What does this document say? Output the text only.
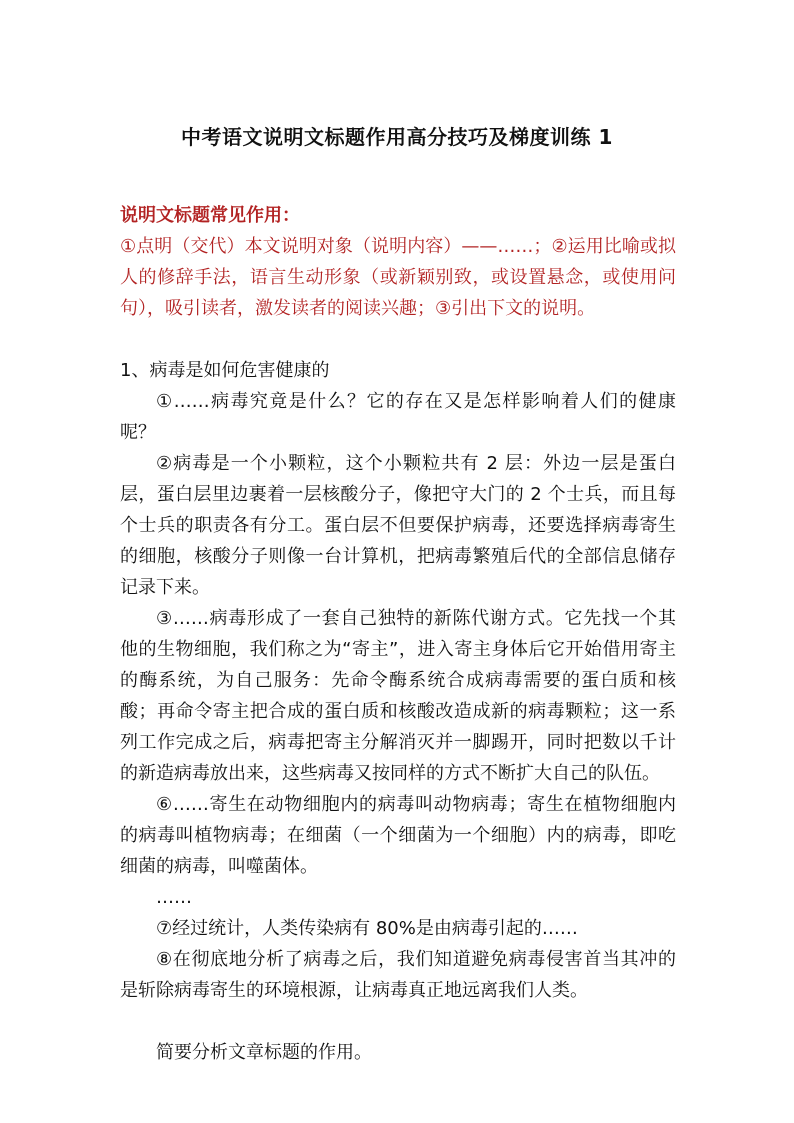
中考语文说明文标题作用高分技巧及梯度训练 1

说明文标题常见作用：

①点明（交代）本文说明对象（说明内容）——……；②运用比喻或拟人的修辞手法，语言生动形象（或新颖别致，或设置悬念，或使用问句），吸引读者，激发读者的阅读兴趣；③引出下文的说明。

1、病毒是如何危害健康的

①……病毒究竟是什么？它的存在又是怎样影响着人们的健康呢？

②病毒是一个小颗粒，这个小颗粒共有 2 层：外边一层是蛋白层，蛋白层里边裹着一层核酸分子，像把守大门的 2 个士兵，而且每个士兵的职责各有分工。蛋白层不但要保护病毒，还要选择病毒寄生的细胞，核酸分子则像一台计算机，把病毒繁殖后代的全部信息储存记录下来。

③……病毒形成了一套自己独特的新陈代谢方式。它先找一个其他的生物细胞，我们称之为“寄主”，进入寄主身体后它开始借用寄主的酶系统，为自己服务：先命令酶系统合成病毒需要的蛋白质和核酸；再命令寄主把合成的蛋白质和核酸改造成新的病毒颗粒；这一系列工作完成之后，病毒把寄主分解消灭并一脚踢开，同时把数以千计的新造病毒放出来，这些病毒又按同样的方式不断扩大自己的队伍。

⑥……寄生在动物细胞内的病毒叫动物病毒；寄生在植物细胞内的病毒叫植物病毒；在细菌（一个细菌为一个细胞）内的病毒，即吃细菌的病毒，叫噬菌体。

……

⑦经过统计，人类传染病有 80%是由病毒引起的……

⑧在彻底地分析了病毒之后，我们知道避免病毒侵害首当其冲的是斩除病毒寄生的环境根源，让病毒真正地远离我们人类。

简要分析文章标题的作用。
